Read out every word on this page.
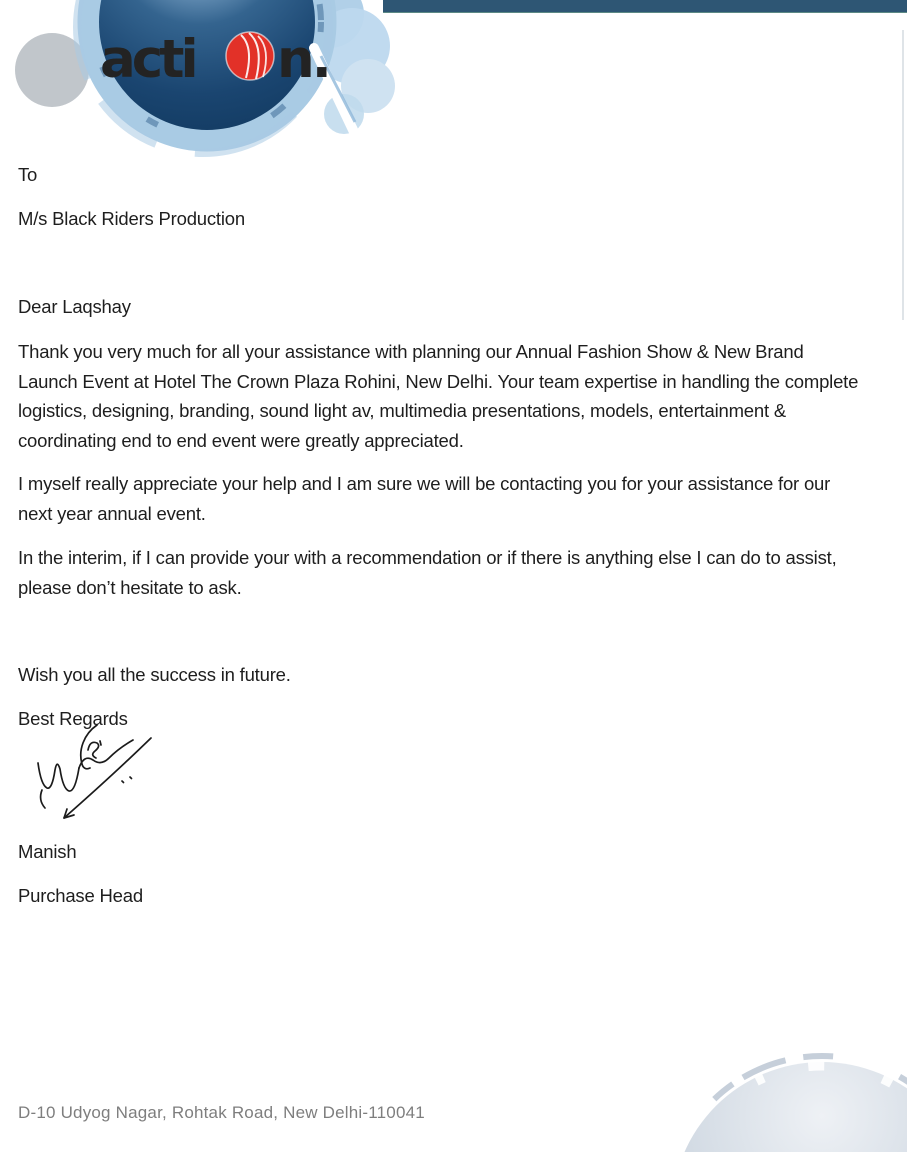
acti n.
To
M/s Black Riders Production
Dear Laqshay
Thank you very much for all your assistance with planning our Annual Fashion Show & New Brand Launch Event at Hotel The Crown Plaza Rohini, New Delhi. Your team expertise in handling the complete logistics, designing, branding, sound light av, multimedia presentations, models, entertainment & coordinating end to end event were greatly appreciated.
I myself really appreciate your help and I am sure we will be contacting you for your assistance for our next year annual event.
In the interim, if I can provide your with a recommendation or if there is anything else I can do to assist, please don’t hesitate to ask.
Wish you all the success in future.
Best Regards
Manish
Purchase Head
D-10 Udyog Nagar, Rohtak Road, New Delhi-110041
